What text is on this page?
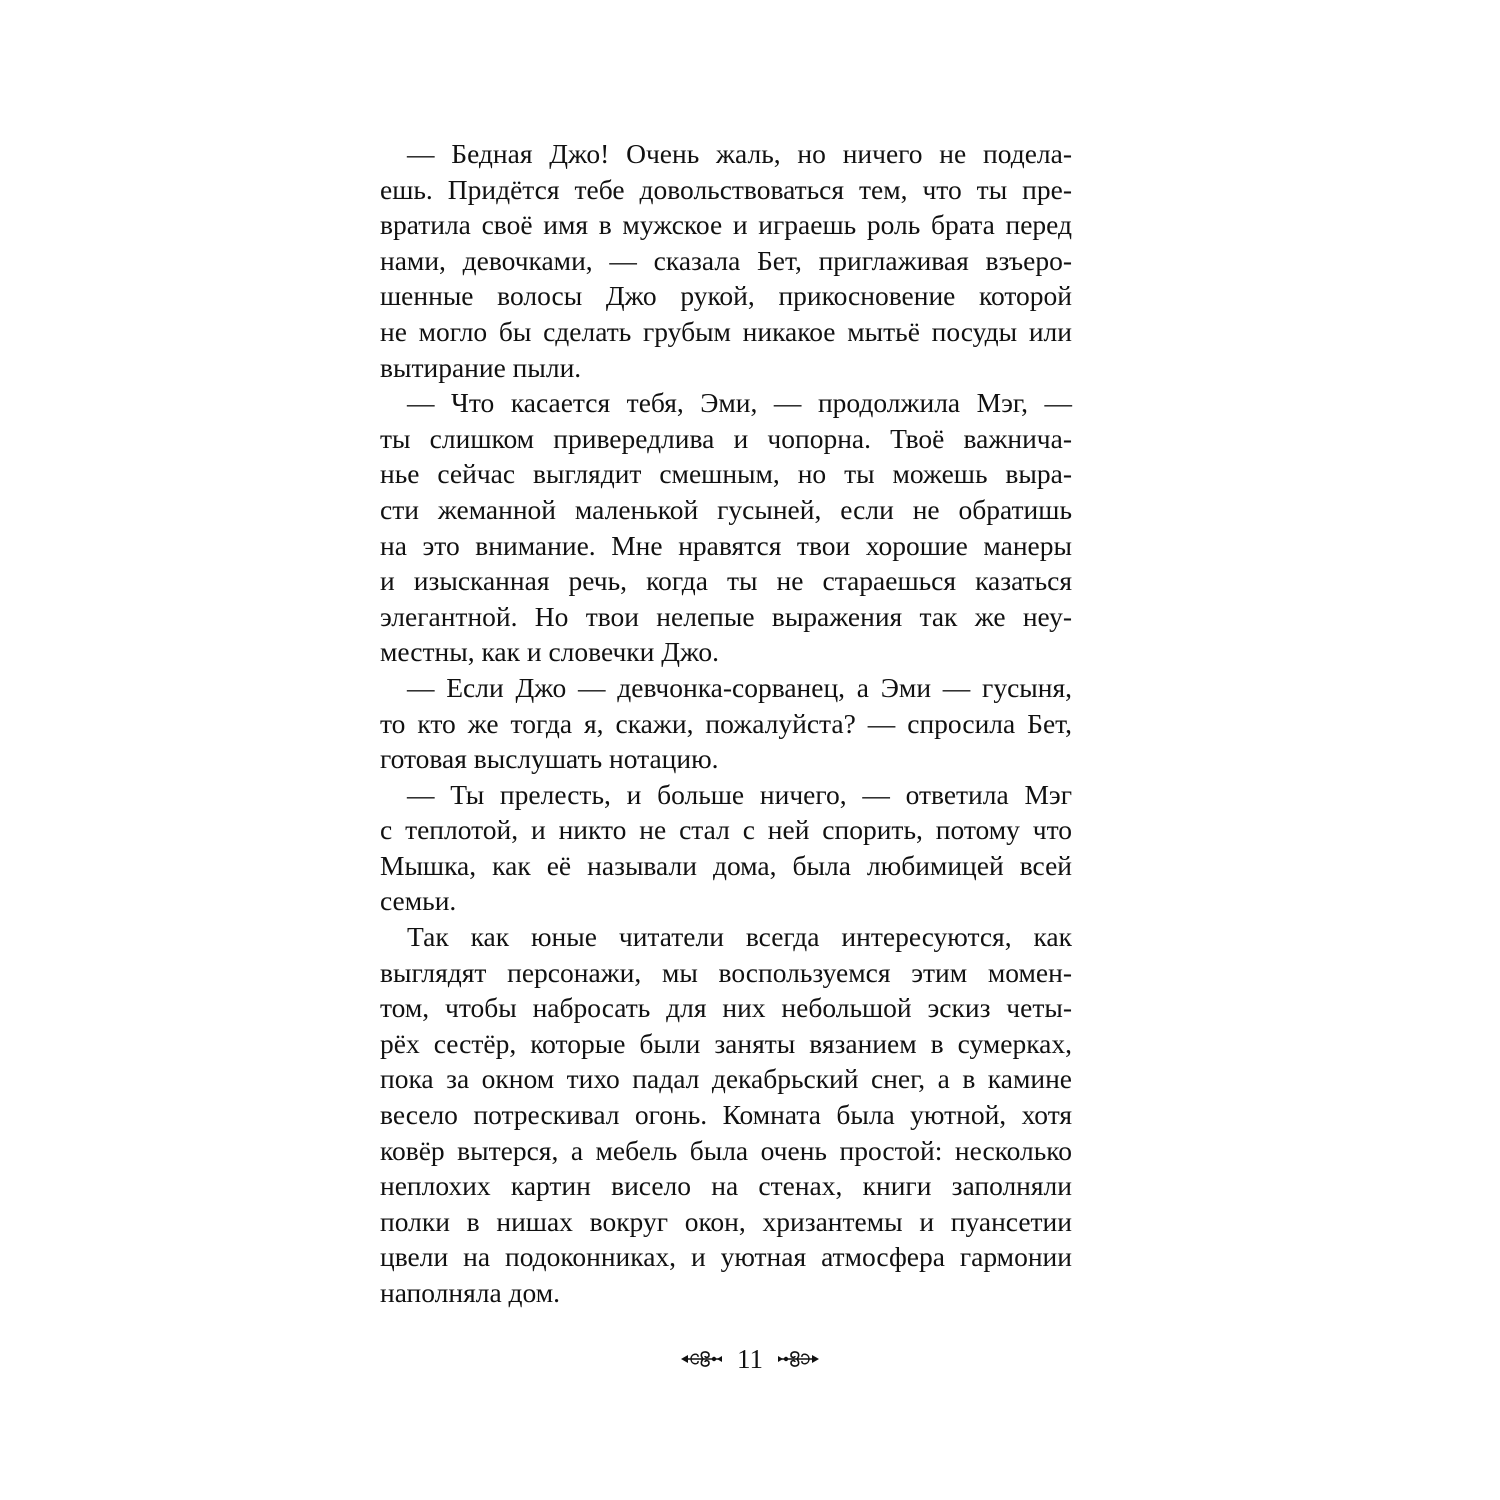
— Бедная Джо! Очень жаль, но ничего не подела-
ешь. Придётся тебе довольствоваться тем, что ты пре-
вратила своё имя в мужское и играешь роль брата перед
нами, девочками, — сказала Бет, приглаживая взъеро-
шенные волосы Джо рукой, прикосновение которой
не могло бы сделать грубым никакое мытьё посуды или
вытирание пыли.
— Что касается тебя, Эми, — продолжила Мэг, —
ты слишком привередлива и чопорна. Твоё важнича-
нье сейчас выглядит смешным, но ты можешь выра-
сти жеманной маленькой гусыней, если не обратишь
на это внимание. Мне нравятся твои хорошие манеры
и изысканная речь, когда ты не стараешься казаться
элегантной. Но твои нелепые выражения так же неу-
местны, как и словечки Джо.
— Если Джо — девчонка-сорванец, а Эми — гусыня,
то кто же тогда я, скажи, пожалуйста? — спросила Бет,
готовая выслушать нотацию.
— Ты прелесть, и больше ничего, — ответила Мэг
с теплотой, и никто не стал с ней спорить, потому что
Мышка, как её называли дома, была любимицей всей
семьи.
Так как юные читатели всегда интересуются, как
выглядят персонажи, мы воспользуемся этим момен-
том, чтобы набросать для них небольшой эскиз четы-
рёх сестёр, которые были заняты вязанием в сумерках,
пока за окном тихо падал декабрьский снег, а в камине
весело потрескивал огонь. Комната была уютной, хотя
ковёр вытерся, а мебель была очень простой: несколько
неплохих картин висело на стенах, книги заполняли
полки в нишах вокруг окон, хризантемы и пуансетии
цвели на подоконниках, и уютная атмосфера гармонии
наполняла дом.
11
